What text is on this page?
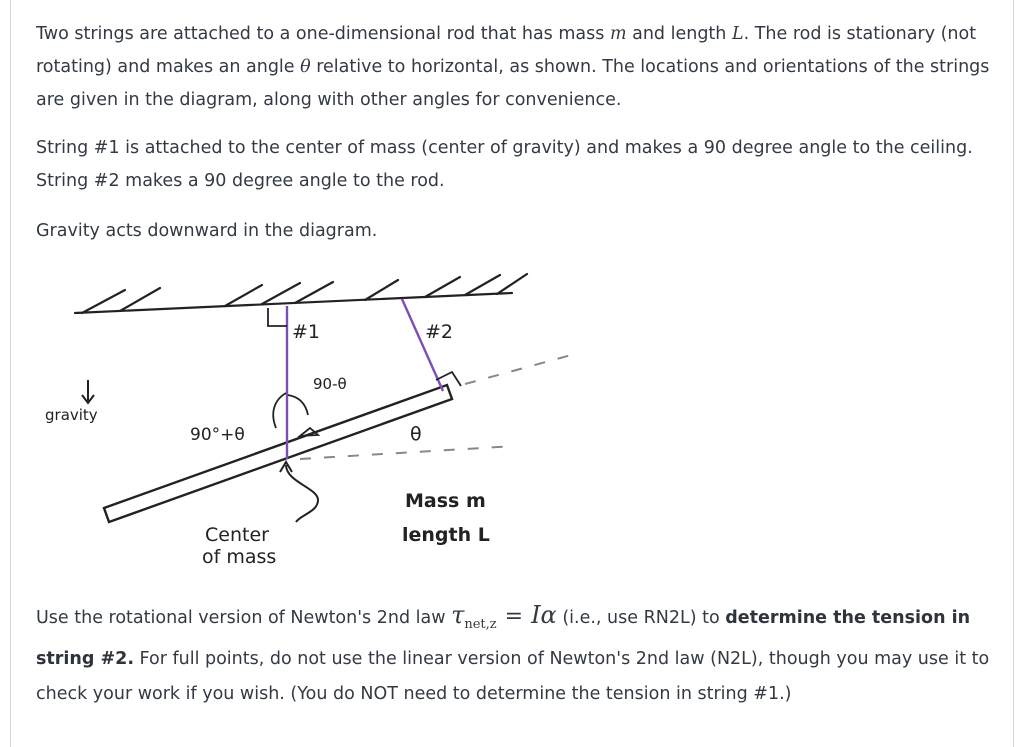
Two strings are attached to a one-dimensional rod that has mass m and length L. The rod is stationary (not rotating) and makes an angle θ relative to horizontal, as shown. The locations and orientations of the strings are given in the diagram, along with other angles for convenience.

String #1 is attached to the center of mass (center of gravity) and makes a 90 degree angle to the ceiling. String #2 makes a 90 degree angle to the rod.

Gravity acts downward in the diagram.

#1	#2
90-θ
90°+θ	θ
gravity
Center
of mass
Mass m
length L

Use the rotational version of Newton's 2nd law $\tau_{net,z} = I\alpha$ (i.e., use RN2L) to determine the tension in string #2. For full points, do not use the linear version of Newton's 2nd law (N2L), though you may use it to check your work if you wish. (You do NOT need to determine the tension in string #1.)
